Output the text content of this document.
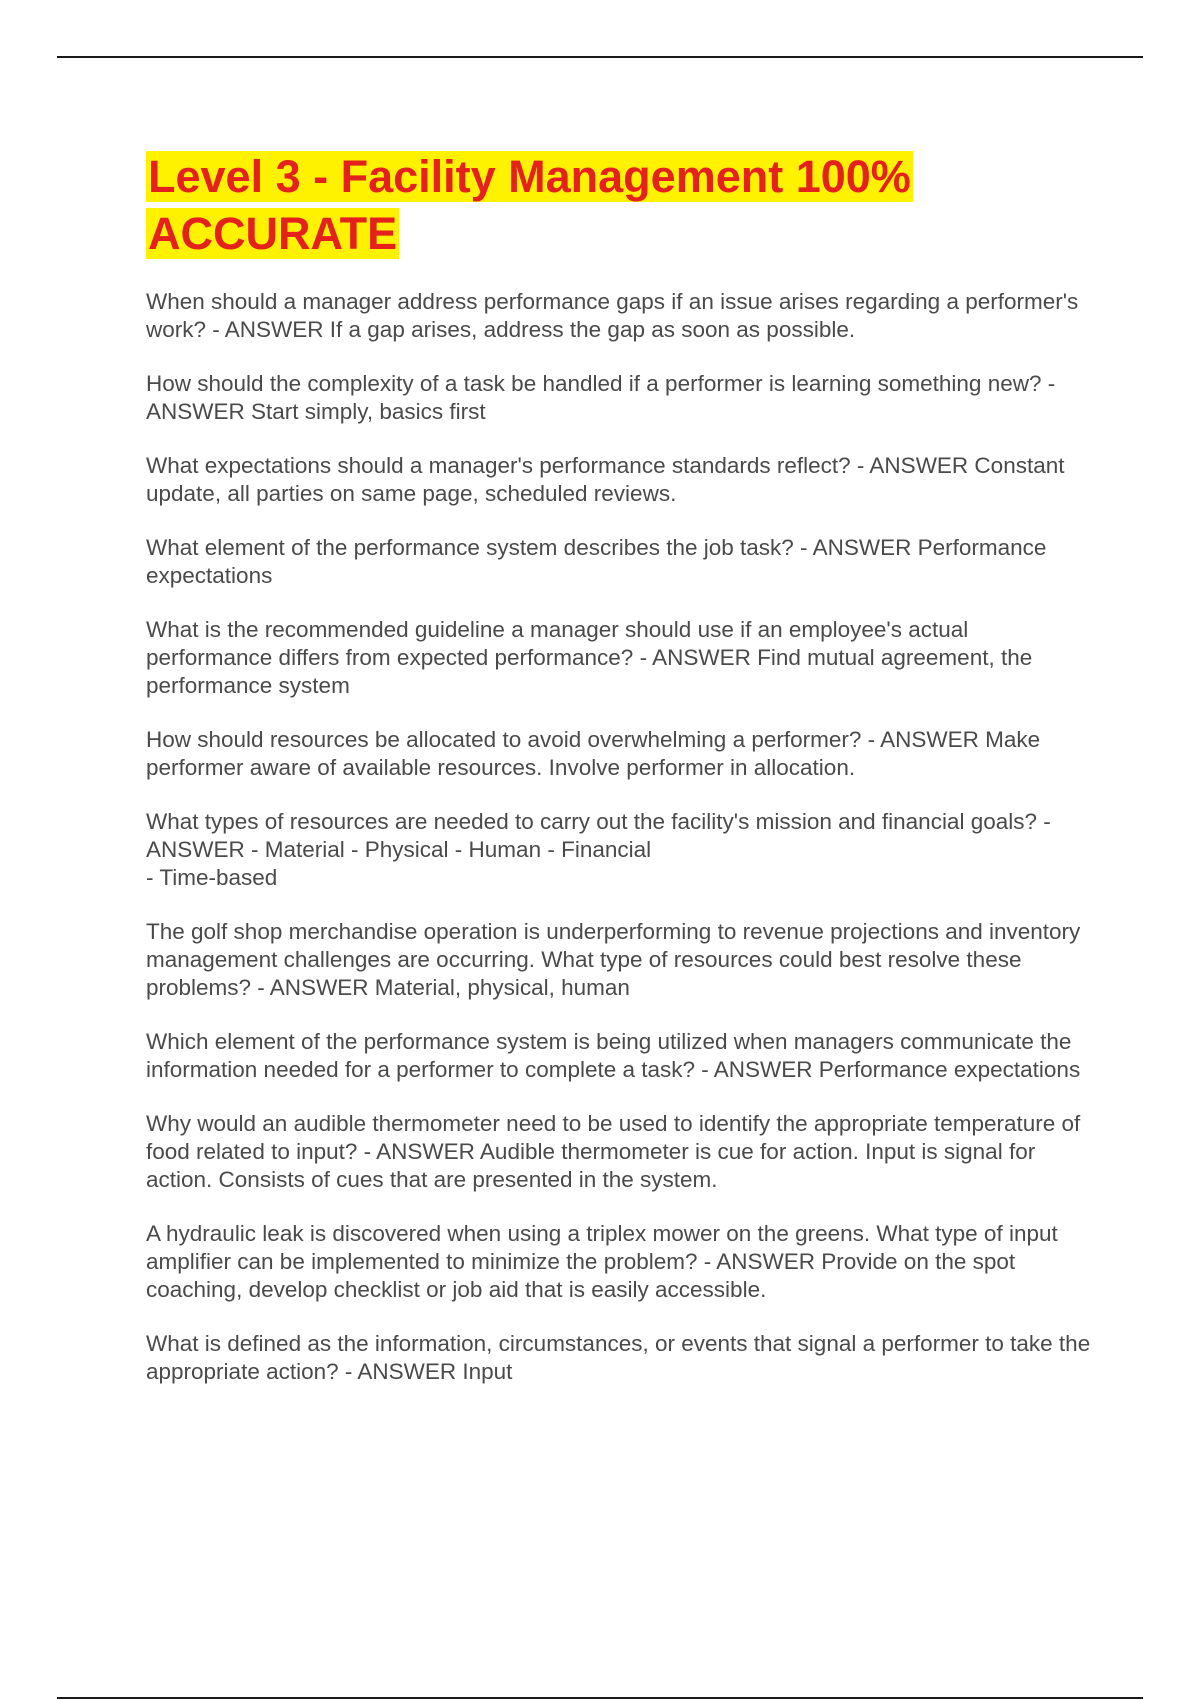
Level 3 - Facility Management 100% ACCURATE

When should a manager address performance gaps if an issue arises regarding a performer's work? - ANSWER If a gap arises, address the gap as soon as possible.

How should the complexity of a task be handled if a performer is learning something new? - ANSWER Start simply, basics first

What expectations should a manager's performance standards reflect? - ANSWER Constant update, all parties on same page, scheduled reviews.

What element of the performance system describes the job task? - ANSWER Performance expectations

What is the recommended guideline a manager should use if an employee's actual performance differs from expected performance? - ANSWER Find mutual agreement, the performance system

How should resources be allocated to avoid overwhelming a performer? - ANSWER Make performer aware of available resources. Involve performer in allocation.

What types of resources are needed to carry out the facility's mission and financial goals? - ANSWER - Material - Physical - Human - Financial
- Time-based

The golf shop merchandise operation is underperforming to revenue projections and inventory management challenges are occurring. What type of resources could best resolve these problems? - ANSWER Material, physical, human

Which element of the performance system is being utilized when managers communicate the information needed for a performer to complete a task? - ANSWER Performance expectations

Why would an audible thermometer need to be used to identify the appropriate temperature of food related to input? - ANSWER Audible thermometer is cue for action. Input is signal for action. Consists of cues that are presented in the system.

A hydraulic leak is discovered when using a triplex mower on the greens. What type of input amplifier can be implemented to minimize the problem? - ANSWER Provide on the spot coaching, develop checklist or job aid that is easily accessible.

What is defined as the information, circumstances, or events that signal a performer to take the appropriate action? - ANSWER Input
